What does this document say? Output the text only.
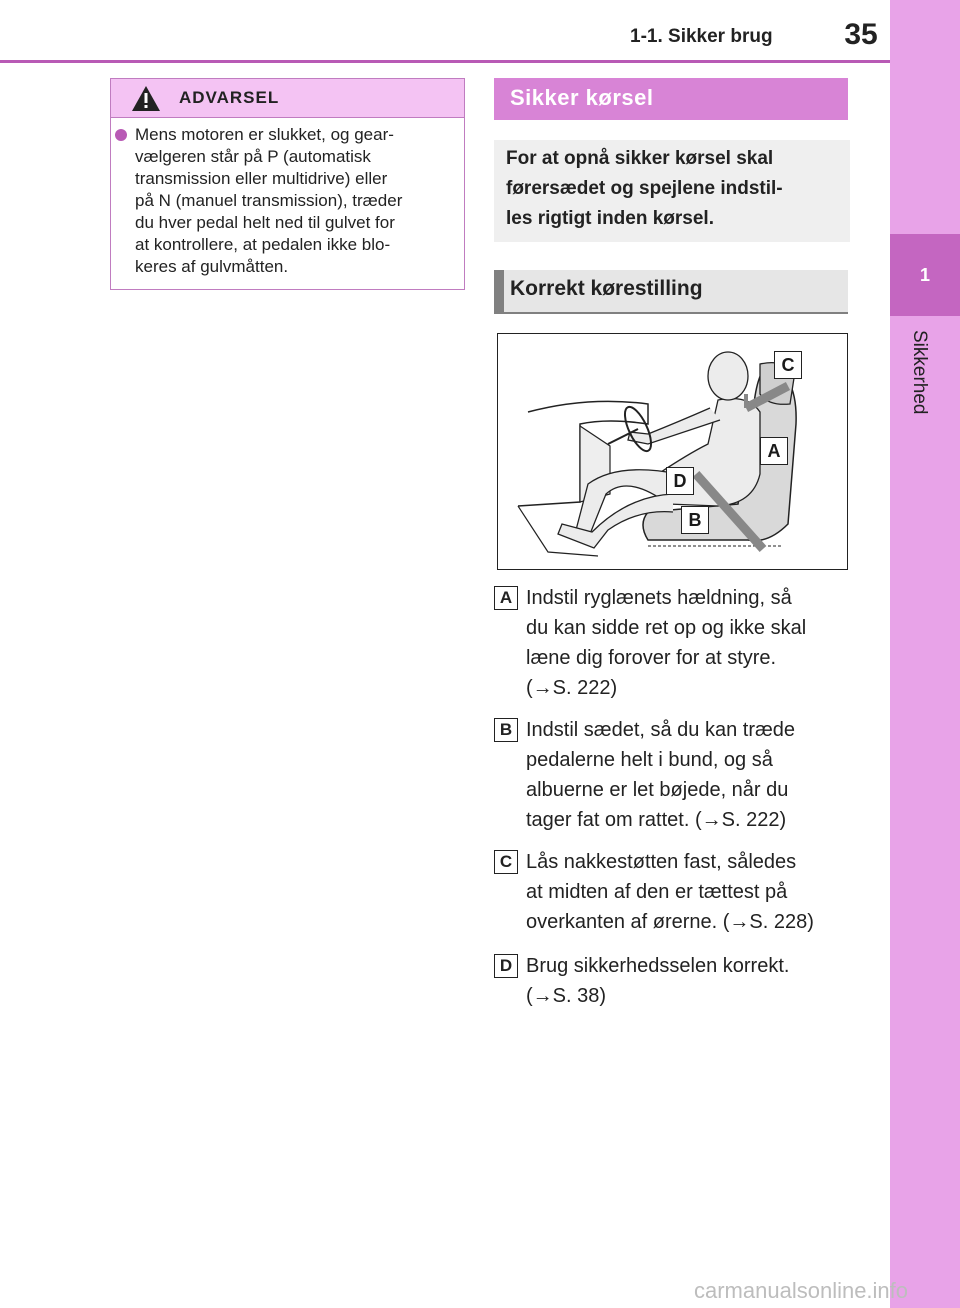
1-1. Sikker brug 35
1
Sikkerhed
ADVARSEL
Mens motoren er slukket, og gear-
vælgeren står på P (automatisk
transmission eller multidrive) eller
på N (manuel transmission), træder
du hver pedal helt ned til gulvet for
at kontrollere, at pedalen ikke blo-
keres af gulvmåtten.
Sikker kørsel

For at opnå sikker kørsel skal
førersædet og spejlene indstil-
les rigtigt inden kørsel.

Korrekt kørestilling
C
A
D
B
A Indstil ryglænets hældning, så
du kan sidde ret op og ikke skal
læne dig forover for at styre.
(→S. 222)

B Indstil sædet, så du kan træde
pedalerne helt i bund, og så
albuerne er let bøjede, når du
tager fat om rattet. (→S. 222)

C Lås nakkestøtten fast, således
at midten af den er tættest på
overkanten af ørerne. (→S. 228)

D Brug sikkerhedsselen korrekt.
(→S. 38)

carmanualsonline.info
